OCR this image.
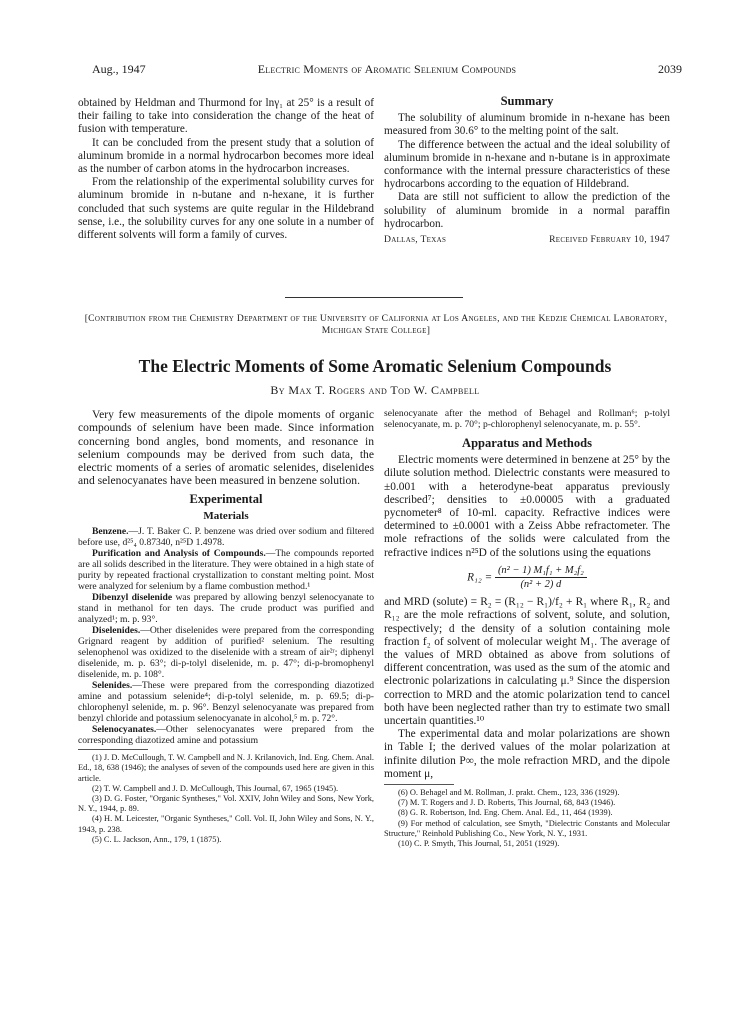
Aug., 1947	Electric Moments of Aromatic Selenium Compounds	2039

obtained by Heldman and Thurmond for lnγ₁ at 25° is a result of their failing to take into consideration the change of the heat of fusion with temperature.

It can be concluded from the present study that a solution of aluminum bromide in a normal hydrocarbon becomes more ideal as the number of carbon atoms in the hydrocarbon increases.

From the relationship of the experimental solubility curves for aluminum bromide in n-butane and n-hexane, it is further concluded that such systems are quite regular in the Hildebrand sense, i.e., the solubility curves for any one solute in a number of different solvents will form a family of curves.

Summary

The solubility of aluminum bromide in n-hexane has been measured from 30.6° to the melting point of the salt.

The difference between the actual and the ideal solubility of aluminum bromide in n-hexane and n-butane is in approximate conformance with the internal pressure characteristics of these hydrocarbons according to the equation of Hildebrand.

Data are still not sufficient to allow the prediction of the solubility of aluminum bromide in a normal paraffin hydrocarbon.

Dallas, Texas	Received February 10, 1947
[Contribution from the Chemistry Department of the University of California at Los Angeles, and the Kedzie Chemical Laboratory, Michigan State College]
The Electric Moments of Some Aromatic Selenium Compounds
By Max T. Rogers and Tod W. Campbell

Very few measurements of the dipole moments of organic compounds of selenium have been made. Since information concerning bond angles, bond moments, and resonance in selenium compounds may be derived from such data, the electric moments of a series of aromatic selenides, diselenides and selenocyanates have been measured in benzene solution.

Experimental
Materials

Benzene.—J. T. Baker C. P. benzene was dried over sodium and filtered before use, d²⁵₄ 0.87340, n²⁵D 1.4978.

Purification and Analysis of Compounds.—The compounds reported are all solids described in the literature. They were obtained in a high state of purity by repeated fractional crystallization to constant melting point. Most were analyzed for selenium by a flame combustion method.¹

Dibenzyl diselenide was prepared by allowing benzyl selenocyanate to stand in methanol for ten days. The crude product was purified and analyzed¹; m. p. 93°.

Diselenides.—Other diselenides were prepared from the corresponding Grignard reagent by addition of purified² selenium. The resulting selenophenol was oxidized to the diselenide with a stream of air²ʳ; diphenyl diselenide, m. p. 63°; di-p-tolyl diselenide, m. p. 47°; di-p-bromophenyl diselenide, m. p. 108°.

Selenides.—These were prepared from the corresponding diazotized amine and potassium selenide⁴; di-p-tolyl selenide, m. p. 69.5; di-p-chlorophenyl selenide, m. p. 96°. Benzyl selenocyanate was prepared from benzyl chloride and potassium selenocyanate in alcohol,⁵ m. p. 72°.

Selenocyanates.—Other selenocyanates were prepared from the corresponding diazotized amine and potassium

(1) J. D. McCullough, T. W. Campbell and N. J. Krilanovich, Ind. Eng. Chem. Anal. Ed., 18, 638 (1946); the analyses of seven of the compounds used here are given in this article.

(2) T. W. Campbell and J. D. McCullough, This Journal, 67, 1965 (1945).

(3) D. G. Foster, "Organic Syntheses," Vol. XXIV, John Wiley and Sons, New York, N. Y., 1944, p. 89.

(4) H. M. Leicester, "Organic Syntheses," Coll. Vol. II, John Wiley and Sons, N. Y., 1943, p. 238.

(5) C. L. Jackson, Ann., 179, 1 (1875).

selenocyanate after the method of Behagel and Rollman⁶; p-tolyl selenocyanate, m. p. 70°; p-chlorophenyl selenocyanate, m. p. 55°.

Apparatus and Methods

Electric moments were determined in benzene at 25° by the dilute solution method. Dielectric constants were measured to ±0.001 with a heterodyne-beat apparatus previously described⁷; densities to ±0.00005 with a graduated pycnometer⁸ of 10-ml. capacity. Refractive indices were determined to ±0.0001 with a Zeiss Abbe refractometer. The mole refractions of the solids were calculated from the refractive indices n²⁵D of the solutions using the equations

$R_{12} = \frac{\text{(n² − 1) M₁f₁ + M₂f₂}}{\text{(n² + 2) d}}$

and MRD (solute) = R₂ = (R₁₂ − R₁)/f₂ + R₁ where R₁, R₂ and R₁₂ are the mole refractions of solvent, solute, and solution, respectively; d the density of a solution containing mole fraction f₂ of solvent of molecular weight M₁. The average of the values of MRD obtained as above from solutions of different concentration, was used as the sum of the atomic and electronic polarizations in calculating μ.⁹ Since the dispersion correction to MRD and the atomic polarization tend to cancel both have been neglected rather than try to estimate two small uncertain quantities.¹⁰

The experimental data and molar polarizations are shown in Table I; the derived values of the molar polarization at infinite dilution P∞, the mole refraction MRD, and the dipole moment μ,

(6) O. Behagel and M. Rollman, J. prakt. Chem., 123, 336 (1929).

(7) M. T. Rogers and J. D. Roberts, This Journal, 68, 843 (1946).

(8) G. R. Robertson, Ind. Eng. Chem. Anal. Ed., 11, 464 (1939).

(9) For method of calculation, see Smyth, "Dielectric Constants and Molecular Structure," Reinhold Publishing Co., New York, N. Y., 1931.

(10) C. P. Smyth, This Journal, 51, 2051 (1929).
